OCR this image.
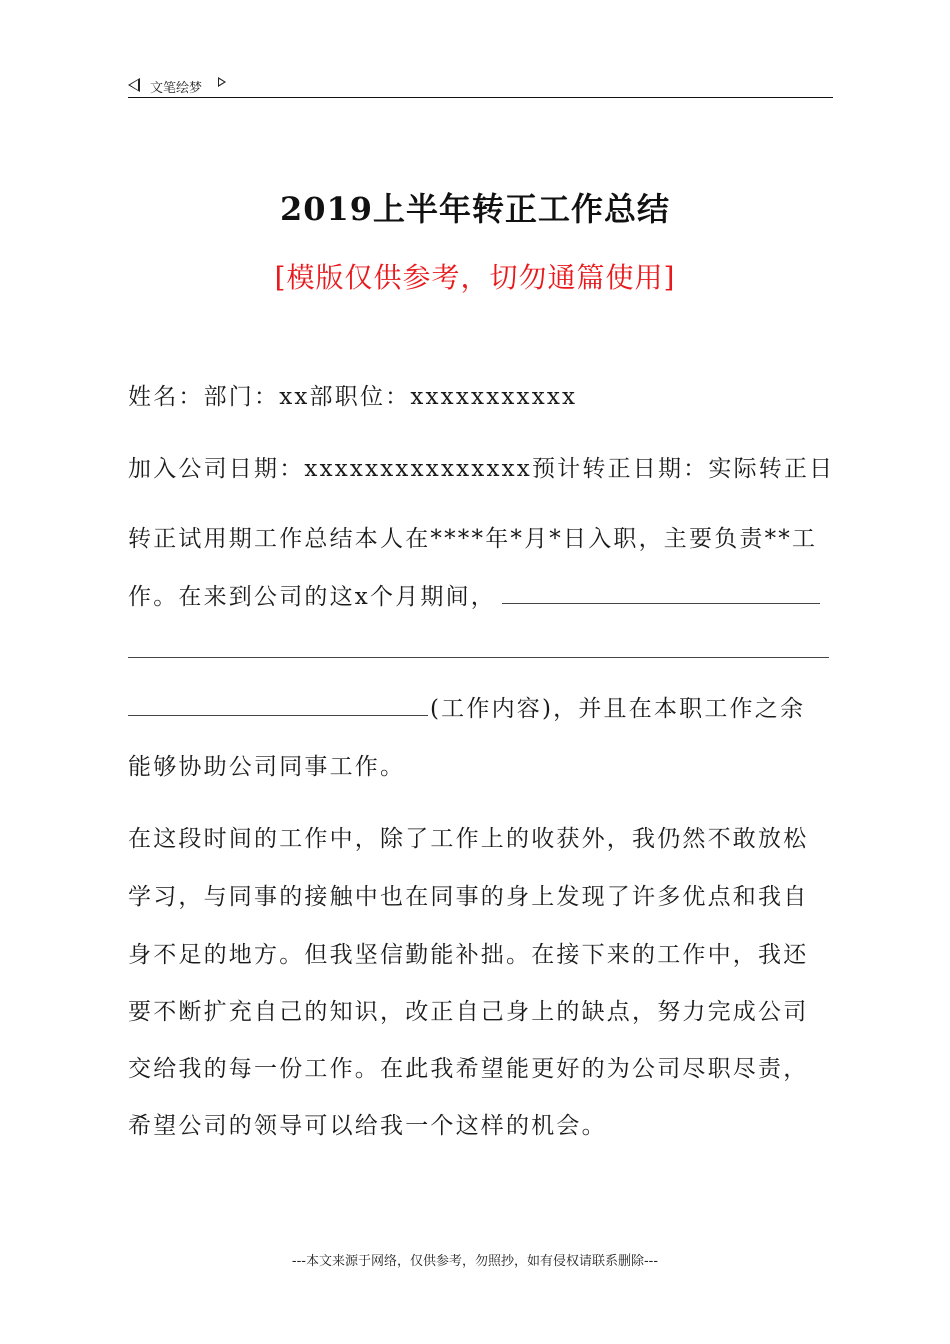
文笔绘梦
2019上半年转正工作总结
[模版仅供参考，切勿通篇使用]
姓名：部门：xx部职位：xxxxxxxxxxx
加入公司日期：xxxxxxxxxxxxxxx预计转正日期：实际转正日
转正试用期工作总结本人在****年*月*日入职，主要负责**工
作。在来到公司的这x个月期间，
(工作内容)，并且在本职工作之余
能够协助公司同事工作。
在这段时间的工作中，除了工作上的收获外，我仍然不敢放松
学习，与同事的接触中也在同事的身上发现了许多优点和我自
身不足的地方。但我坚信勤能补拙。在接下来的工作中，我还
要不断扩充自己的知识，改正自己身上的缺点，努力完成公司
交给我的每一份工作。在此我希望能更好的为公司尽职尽责，
希望公司的领导可以给我一个这样的机会。
---本文来源于网络，仅供参考，勿照抄，如有侵权请联系删除---
